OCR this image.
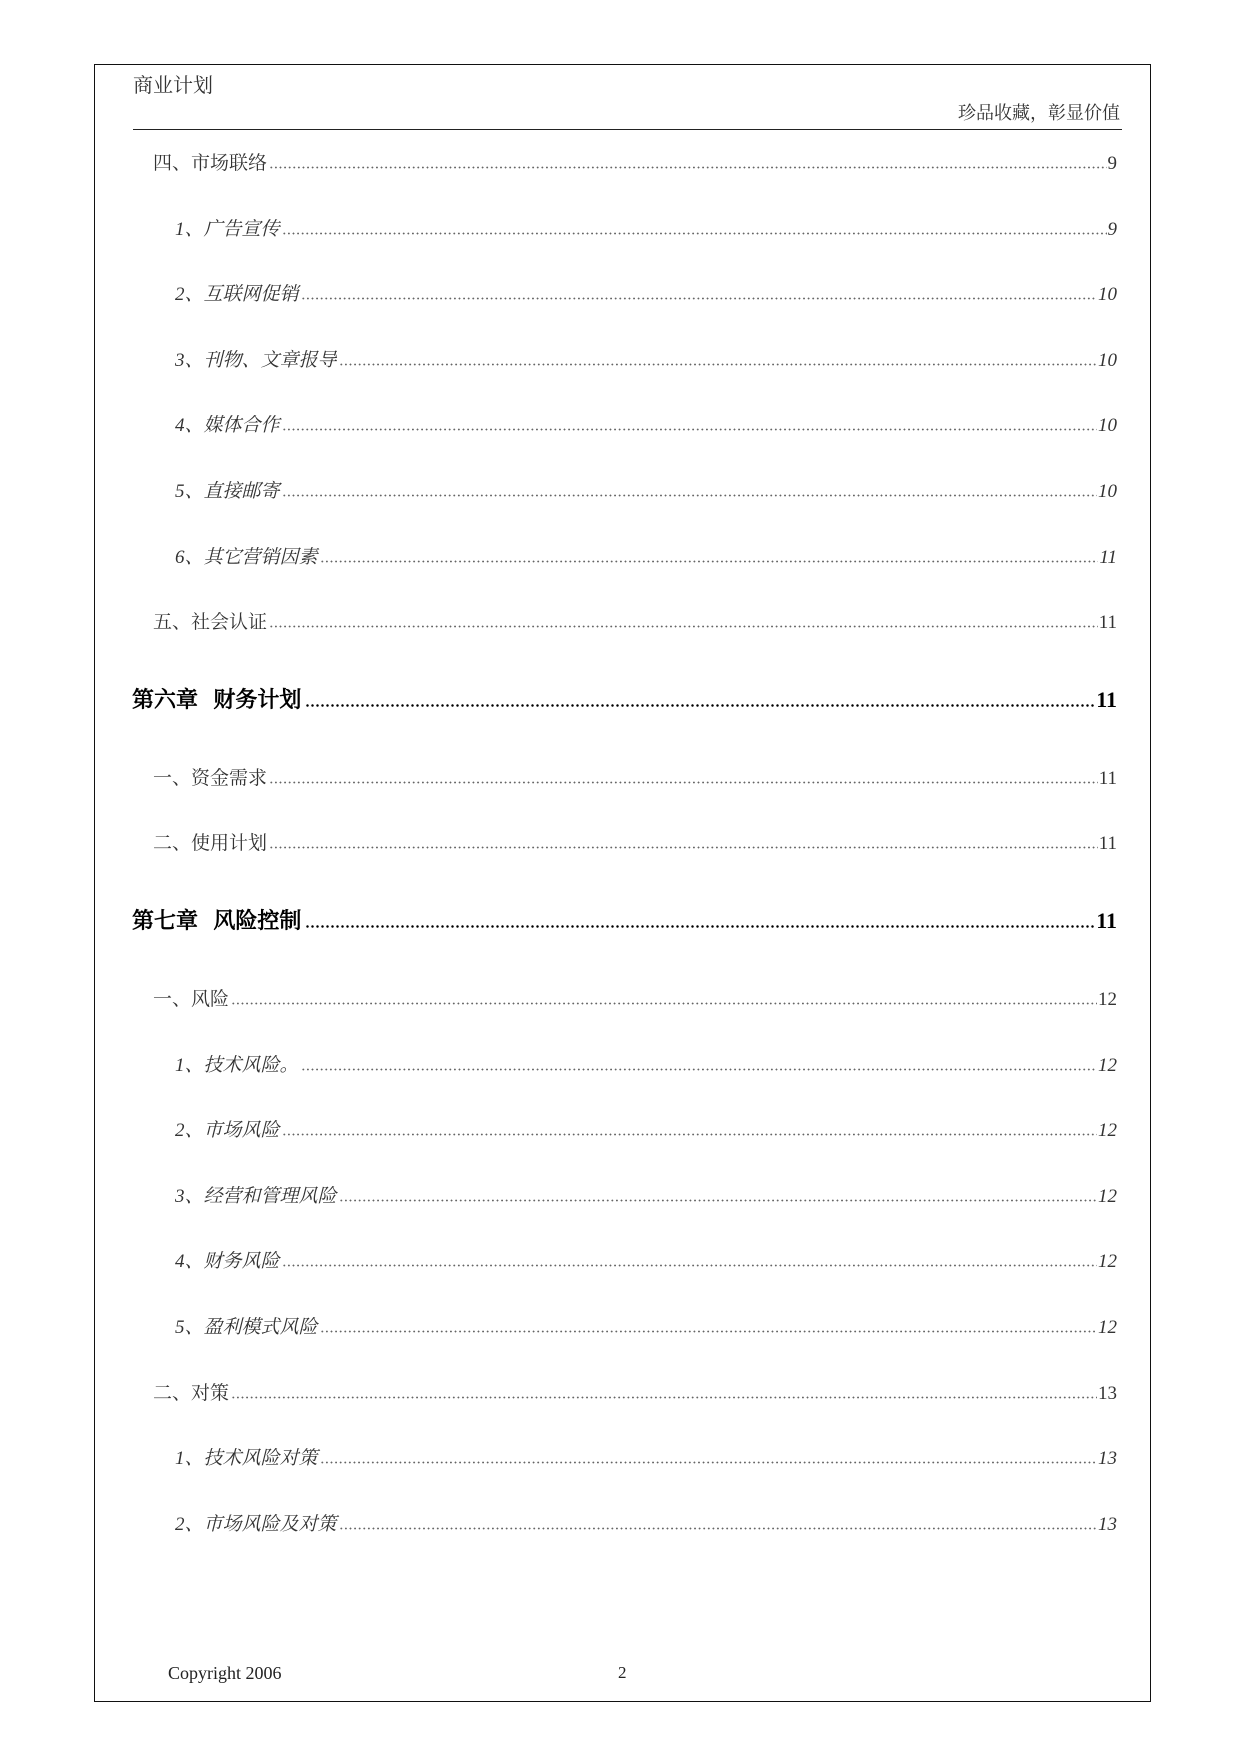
商业计划
珍品收藏，彰显价值
四、市场联络	9
1、广告宣传	9
2、互联网促销	10
3、刊物、文章报导	10
4、媒体合作	10
5、直接邮寄	10
6、其它营销因素	11
五、社会认证	11
第六章 财务计划	11
一、资金需求	11
二、使用计划	11
第七章 风险控制	11
一、风险	12
1、技术风险。	12
2、市场风险	12
3、经营和管理风险	12
4、财务风险	12
5、盈利模式风险	12
二、对策	13
1、技术风险对策	13
2、市场风险及对策	13
Copyright 2006	2
